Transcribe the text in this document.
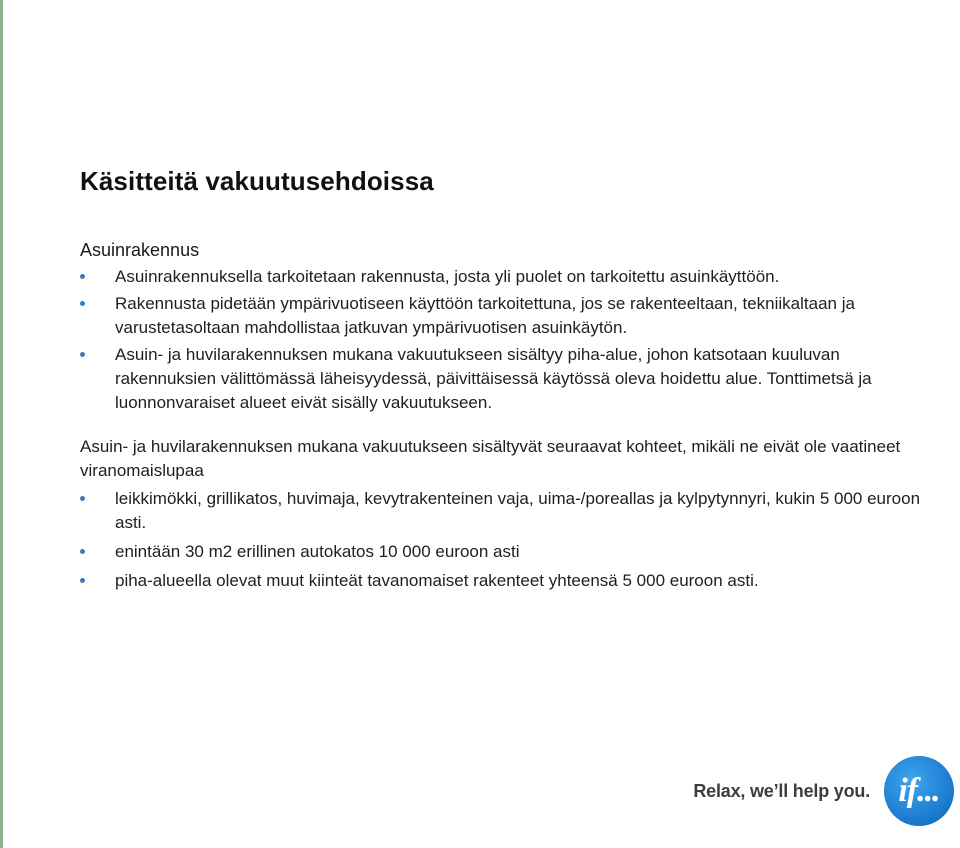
Käsitteitä vakuutusehdoissa
Asuinrakennus
Asuinrakennuksella tarkoitetaan rakennusta, josta yli puolet on tarkoitettu asuinkäyttöön.
Rakennusta pidetään ympärivuotiseen käyttöön tarkoitettuna, jos se rakenteeltaan, tekniikaltaan ja varustetasoltaan mahdollistaa jatkuvan ympärivuotisen asuinkäytön.
Asuin- ja huvilarakennuksen mukana vakuutukseen sisältyy piha-alue, johon katsotaan kuuluvan rakennuksien välittömässä läheisyydessä, päivittäisessä käytössä oleva hoidettu alue. Tonttimetsä ja luonnonvaraiset alueet eivät sisälly vakuutukseen.
Asuin- ja huvilarakennuksen mukana vakuutukseen sisältyvät seuraavat kohteet, mikäli ne eivät ole vaatineet viranomaislupaa
leikkimökki, grillikatos, huvimaja, kevytrakenteinen vaja, uima-/poreallas ja kylpytynnyri, kukin 5 000 euroon asti.
enintään 30 m2 erillinen autokatos 10 000 euroon asti
piha-alueella olevat muut kiinteät tavanomaiset rakenteet yhteensä 5 000 euroon asti.
Relax, we’ll help you. if...
